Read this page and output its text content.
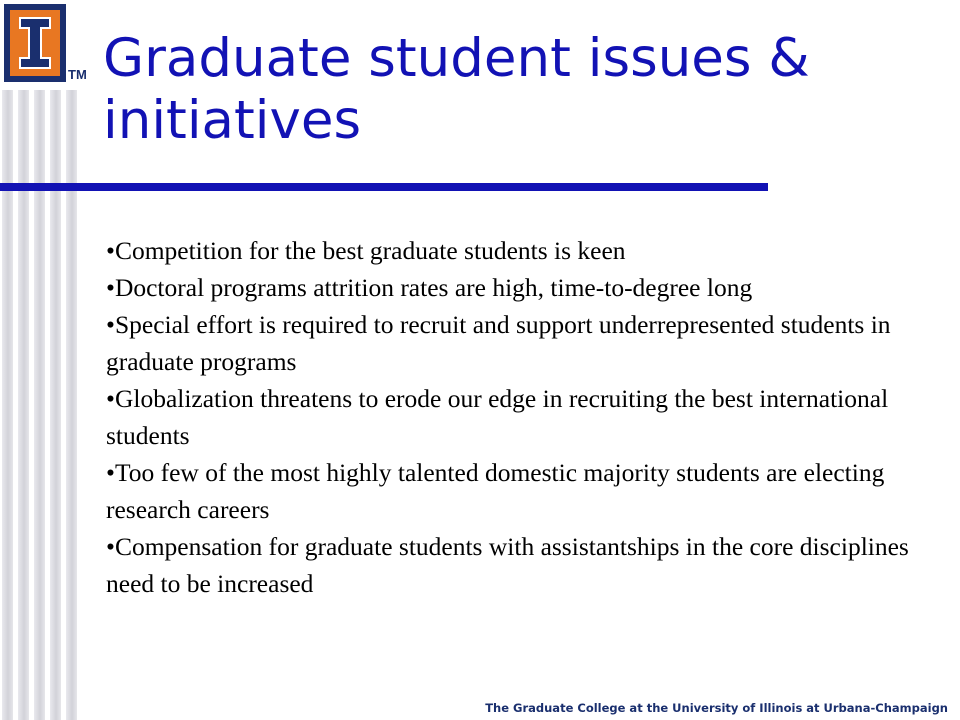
TM Graduate student issues & initiatives
• Competition for the best graduate students is keen
• Doctoral programs attrition rates are high, time-to-degree long
• Special effort is required to recruit and support underrepresented students in graduate programs
• Globalization threatens to erode our edge in recruiting the best international students
• Too few of the most highly talented domestic majority students are electing research careers
• Compensation for graduate students with assistantships in the core disciplines need to be increased
The Graduate College at the University of Illinois at Urbana-Champaign
